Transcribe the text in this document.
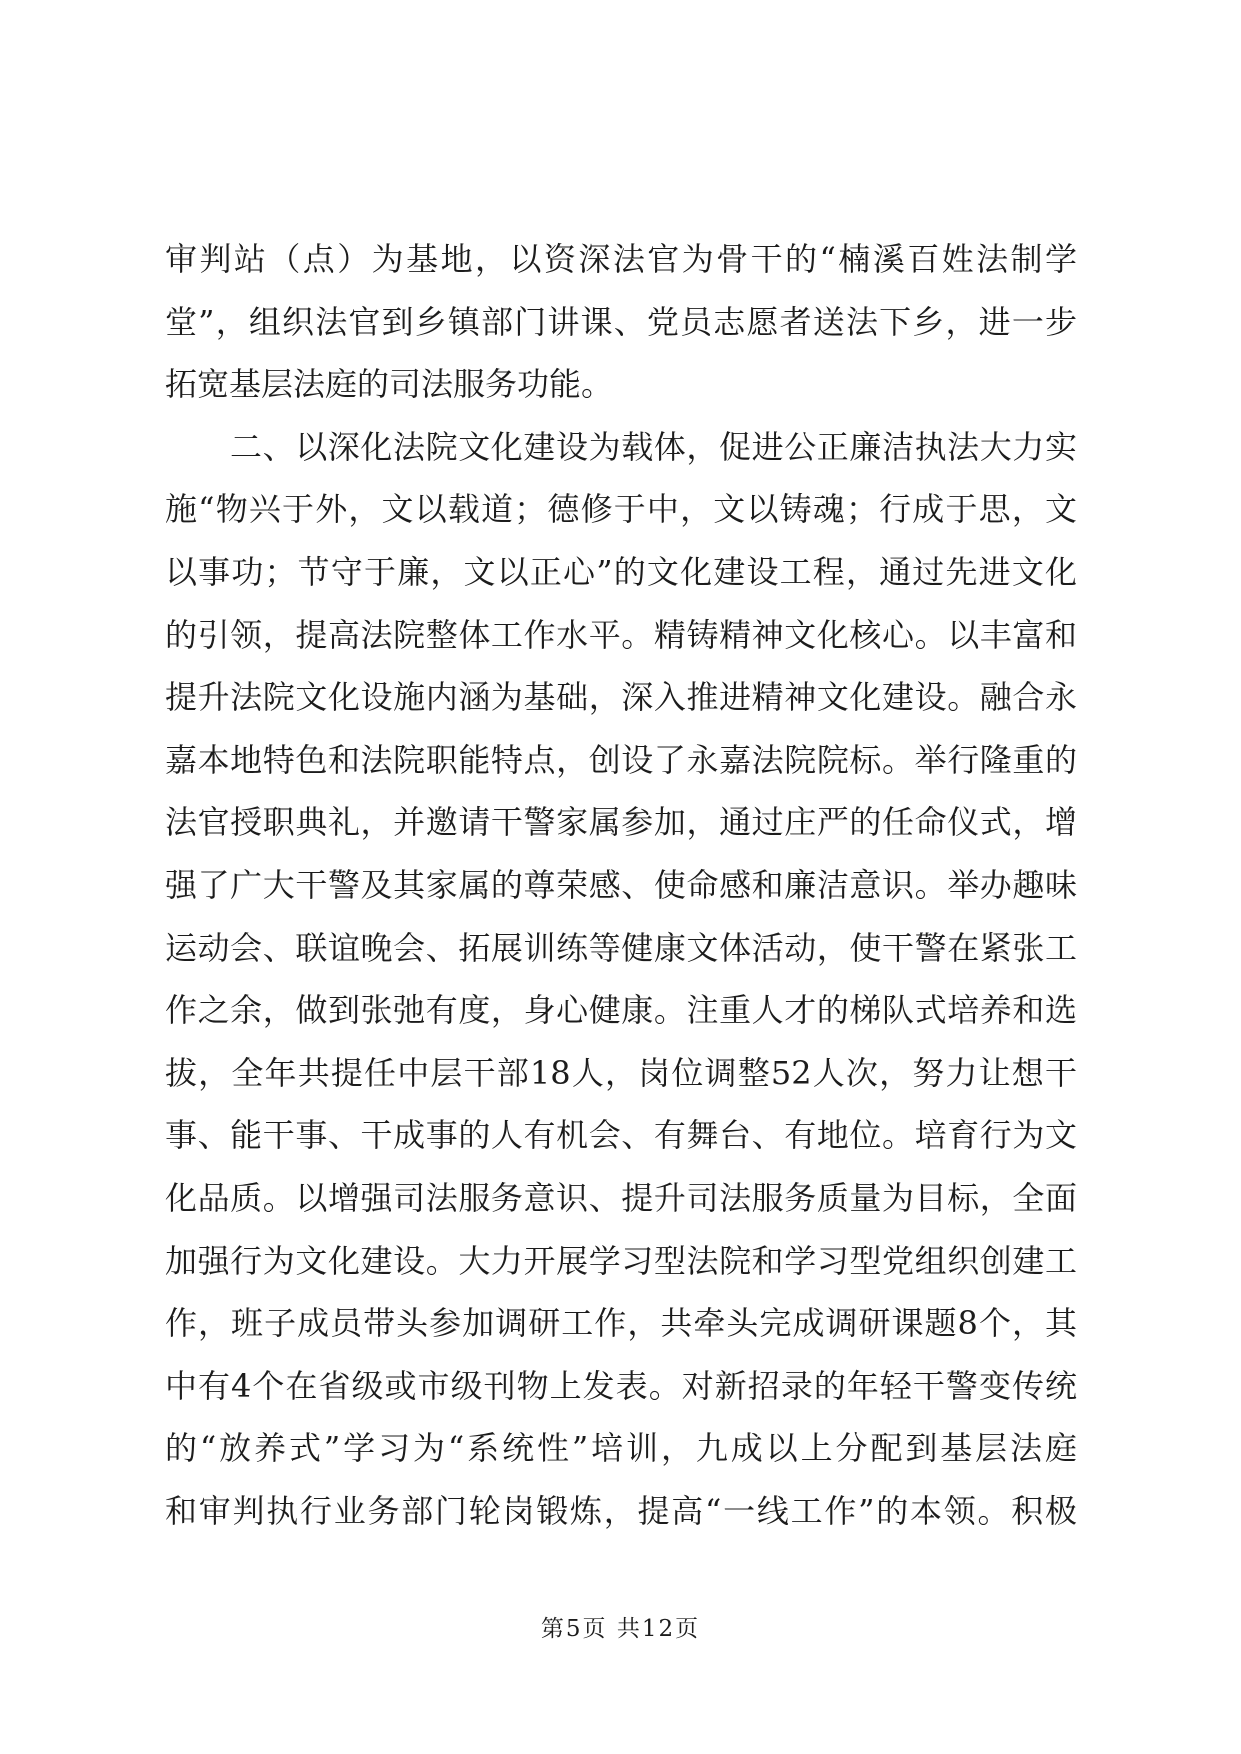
审判站（点）为基地，以资深法官为骨干的“楠溪百姓法制学
堂”，组织法官到乡镇部门讲课、党员志愿者送法下乡，进一步
拓宽基层法庭的司法服务功能。
二、以深化法院文化建设为载体，促进公正廉洁执法大力实
施“物兴于外，文以载道；德修于中，文以铸魂；行成于思，文
以事功；节守于廉，文以正心”的文化建设工程，通过先进文化
的引领，提高法院整体工作水平。精铸精神文化核心。以丰富和
提升法院文化设施内涵为基础，深入推进精神文化建设。融合永
嘉本地特色和法院职能特点，创设了永嘉法院院标。举行隆重的
法官授职典礼，并邀请干警家属参加，通过庄严的任命仪式，增
强了广大干警及其家属的尊荣感、使命感和廉洁意识。举办趣味
运动会、联谊晚会、拓展训练等健康文体活动，使干警在紧张工
作之余，做到张弛有度，身心健康。注重人才的梯队式培养和选
拔，全年共提任中层干部18人，岗位调整52人次，努力让想干
事、能干事、干成事的人有机会、有舞台、有地位。培育行为文
化品质。以增强司法服务意识、提升司法服务质量为目标，全面
加强行为文化建设。大力开展学习型法院和学习型党组织创建工
作，班子成员带头参加调研工作，共牵头完成调研课题8个，其
中有4个在省级或市级刊物上发表。对新招录的年轻干警变传统
的“放养式”学习为“系统性”培训，九成以上分配到基层法庭
和审判执行业务部门轮岗锻炼，提高“一线工作”的本领。积极
第5页 共12页
